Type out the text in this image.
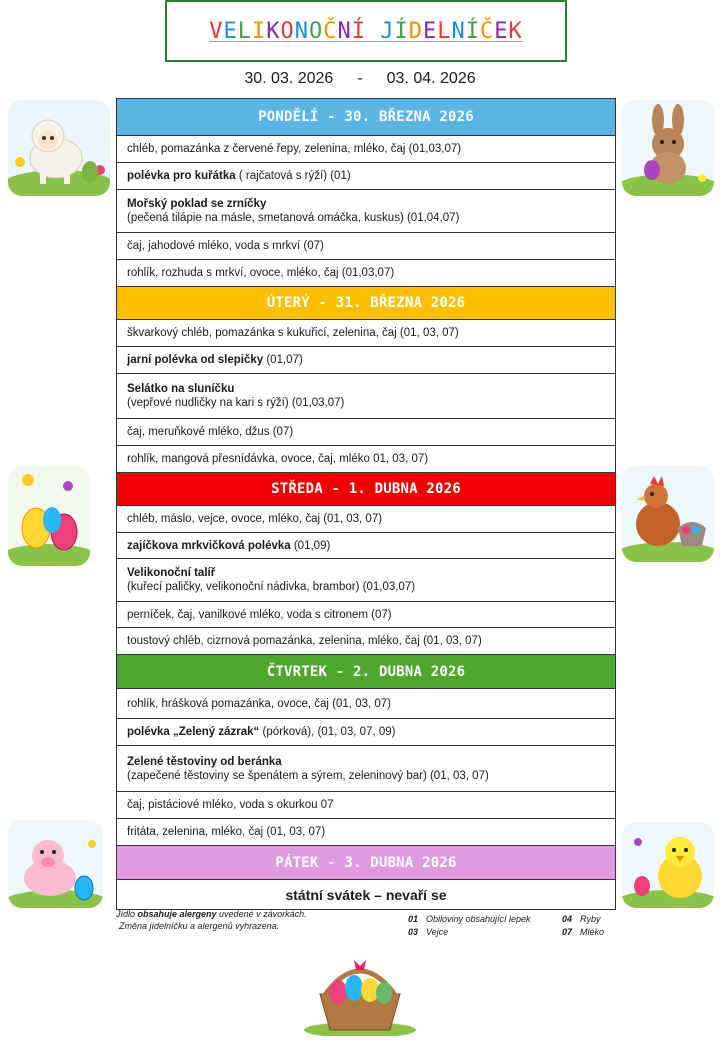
VELIKONOČNÍ JÍDELNÍČEK
30. 03. 2026 - 03. 04. 2026
PONDĚLÍ - 30. BŘEZNA 2026
chléb, pomazánka z červené řepy, zelenina, mléko, čaj (01,03,07)
polévka pro kuřátka ( rajčatová s rýží) (01)

Mořský poklad se zrníčky
(pečená tilápie na másle, smetanová omáčka, kuskus) (01,04,07)

čaj, jahodové mléko, voda s mrkví (07)
rohlík, rozhuda s mrkví, ovoce, mléko, čaj (01,03,07)
ÚTERÝ - 31. BŘEZNA 2026
škvarkový chléb, pomazánka s kukuřicí, zelenina, čaj (01, 03, 07)
jarní polévka od slepičky (01,07)

Selátko na sluníčku
(vepřové nudličky na kari s rýží) (01,03,07)

čaj, meruňkové mléko, džus (07)
rohlík, mangová přesnídávka, ovoce, čaj, mléko 01, 03, 07)
STŘEDA - 1. DUBNA 2026
chléb, máslo, vejce, ovoce, mléko, čaj (01, 03, 07)
zajíčkova mrkvičková polévka (01,09)

Velikonoční talíř
(kuřecí paličky, velikonoční nádivka, brambor) (01,03,07)

perníček, čaj, vanilkové mléko, voda s citronem (07)
toustový chléb, cizrnová pomazánka, zelenina, mléko, čaj (01, 03, 07)
ČTVRTEK - 2. DUBNA 2026
rohlík, hrášková pomazánka, ovoce, čaj (01, 03, 07)
polévka „Zelený zázrak“ (pórková), (01, 03, 07, 09)

Zelené těstoviny od beránka
(zapečené těstoviny se špenátem a sýrem, zeleninový bar) (01, 03, 07)

čaj, pistáciové mléko, voda s okurkou 07
fritáta, zelenina, mléko, čaj (01, 03, 07)
PÁTEK - 3. DUBNA 2026
státní svátek – nevaří se
Jídlo obsahuje alergeny uvedené v závorkách.
Změna jídelníčku a alergenů vyhrazena.
01 Obiloviny obsahující lepek	04 Ryby
03 Vejce	07 Mléko
